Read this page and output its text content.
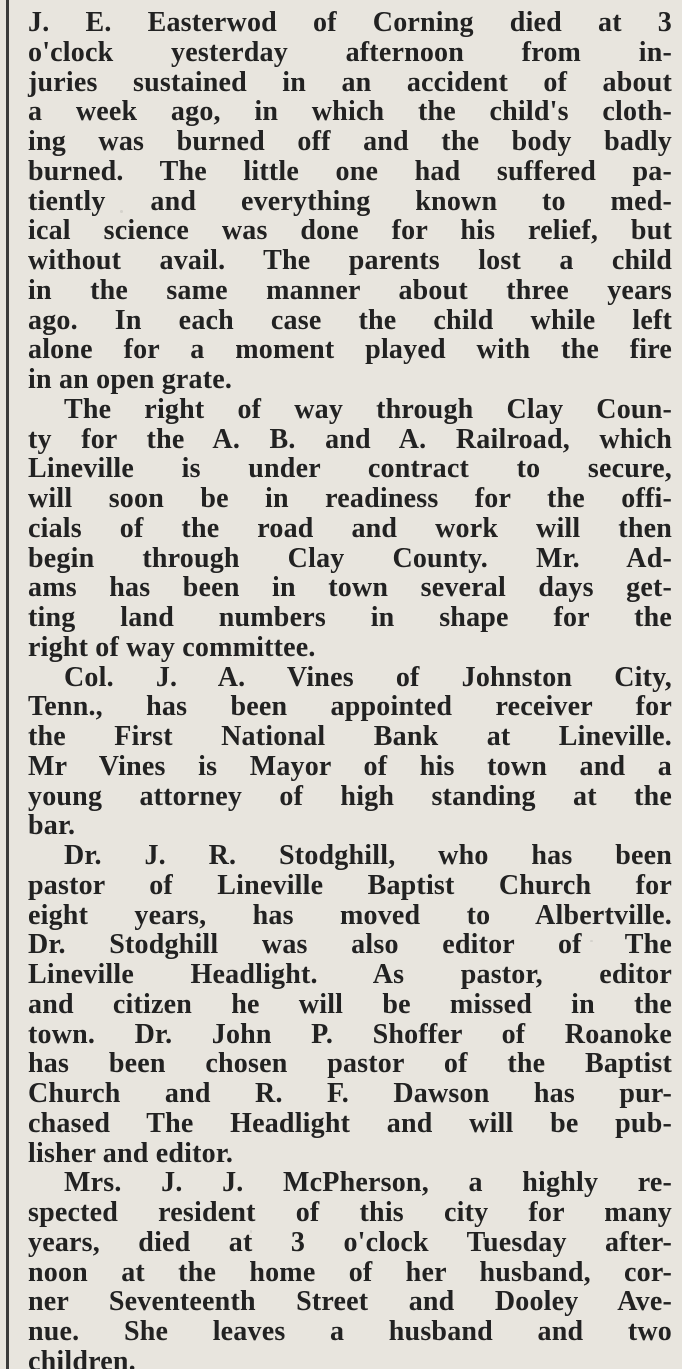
J. E. Easterwod of Corning died at 3
o'clock yesterday afternoon from in-
juries sustained in an accident of about
a week ago, in which the child's cloth-
ing was burned off and the body badly
burned. The little one had suffered pa-
tiently and everything known to med-
ical science was done for his relief, but
without avail. The parents lost a child
in the same manner about three years
ago. In each case the child while left
alone for a moment played with the fire
in an open grate.
The right of way through Clay Coun-
ty for the A. B. and A. Railroad, which
Lineville is under contract to secure,
will soon be in readiness for the offi-
cials of the road and work will then
begin through Clay County. Mr. Ad-
ams has been in town several days get-
ting land numbers in shape for the
right of way committee.
Col. J. A. Vines of Johnston City,
Tenn., has been appointed receiver for
the First National Bank at Lineville.
Mr Vines is Mayor of his town and a
young attorney of high standing at the
bar.
Dr. J. R. Stodghill, who has been
pastor of Lineville Baptist Church for
eight years, has moved to Albertville.
Dr. Stodghill was also editor of The
Lineville Headlight. As pastor, editor
and citizen he will be missed in the
town. Dr. John P. Shoffer of Roanoke
has been chosen pastor of the Baptist
Church and R. F. Dawson has pur-
chased The Headlight and will be pub-
lisher and editor.
Mrs. J. J. McPherson, a highly re-
spected resident of this city for many
years, died at 3 o'clock Tuesday after-
noon at the home of her husband, cor-
ner Seventeenth Street and Dooley Ave-
nue. She leaves a husband and two
children.
